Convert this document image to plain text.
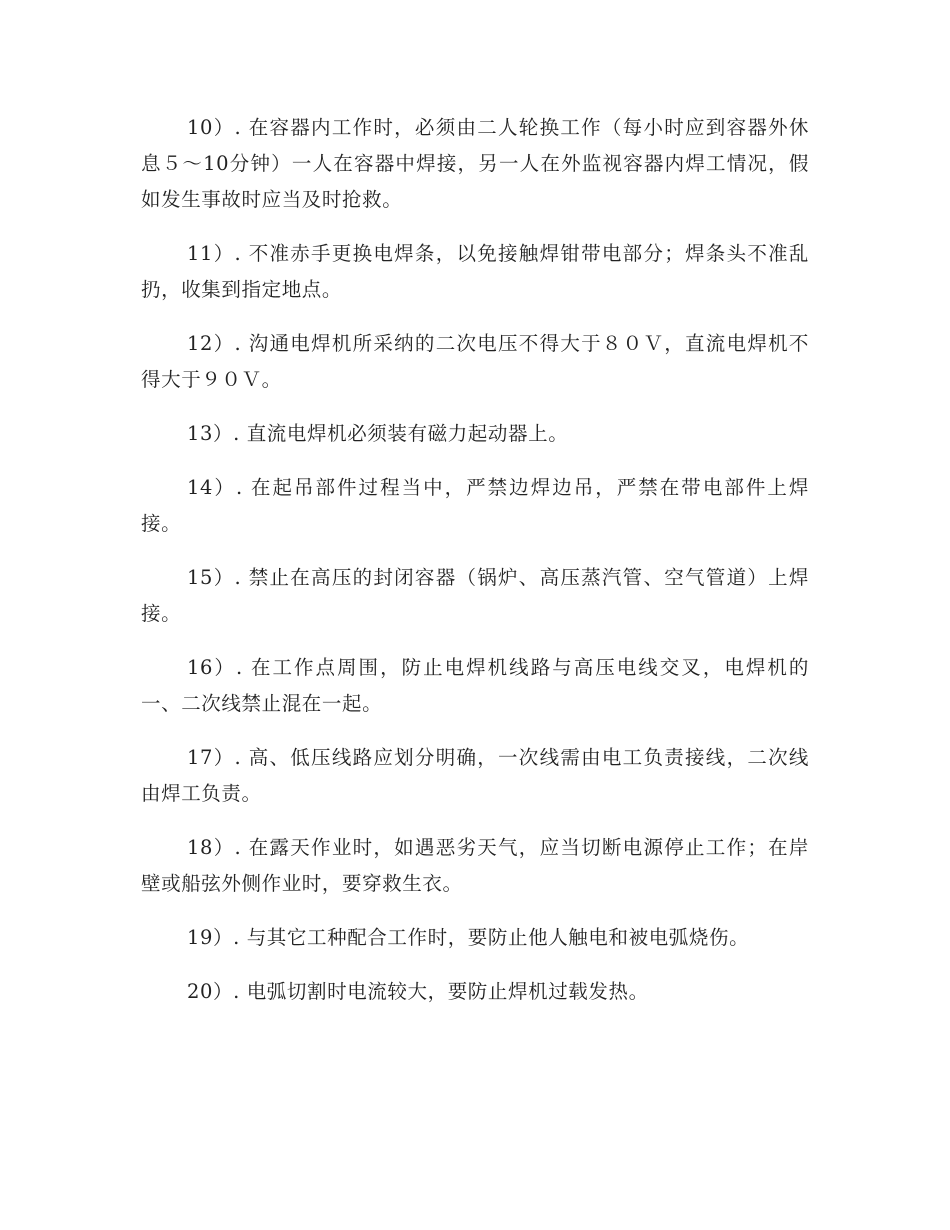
10）. 在容器内工作时，必须由二人轮换工作（每小时应到容器外休息５～10分钟）一人在容器中焊接，另一人在外监视容器内焊工情况，假如发生事故时应当及时抢救。

11）. 不准赤手更换电焊条，以免接触焊钳带电部分；焊条头不准乱扔，收集到指定地点。

12）. 沟通电焊机所采纳的二次电压不得大于８０Ｖ，直流电焊机不得大于９０Ｖ。

13）. 直流电焊机必须装有磁力起动器上。

14）. 在起吊部件过程当中，严禁边焊边吊，严禁在带电部件上焊接。

15）. 禁止在高压的封闭容器（锅炉、高压蒸汽管、空气管道）上焊接。

16）. 在工作点周围，防止电焊机线路与高压电线交叉，电焊机的一、二次线禁止混在一起。

17）. 高、低压线路应划分明确，一次线需由电工负责接线，二次线由焊工负责。

18）. 在露天作业时，如遇恶劣天气，应当切断电源停止工作；在岸壁或船弦外侧作业时，要穿救生衣。

19）. 与其它工种配合工作时，要防止他人触电和被电弧烧伤。

20）. 电弧切割时电流较大，要防止焊机过载发热。
